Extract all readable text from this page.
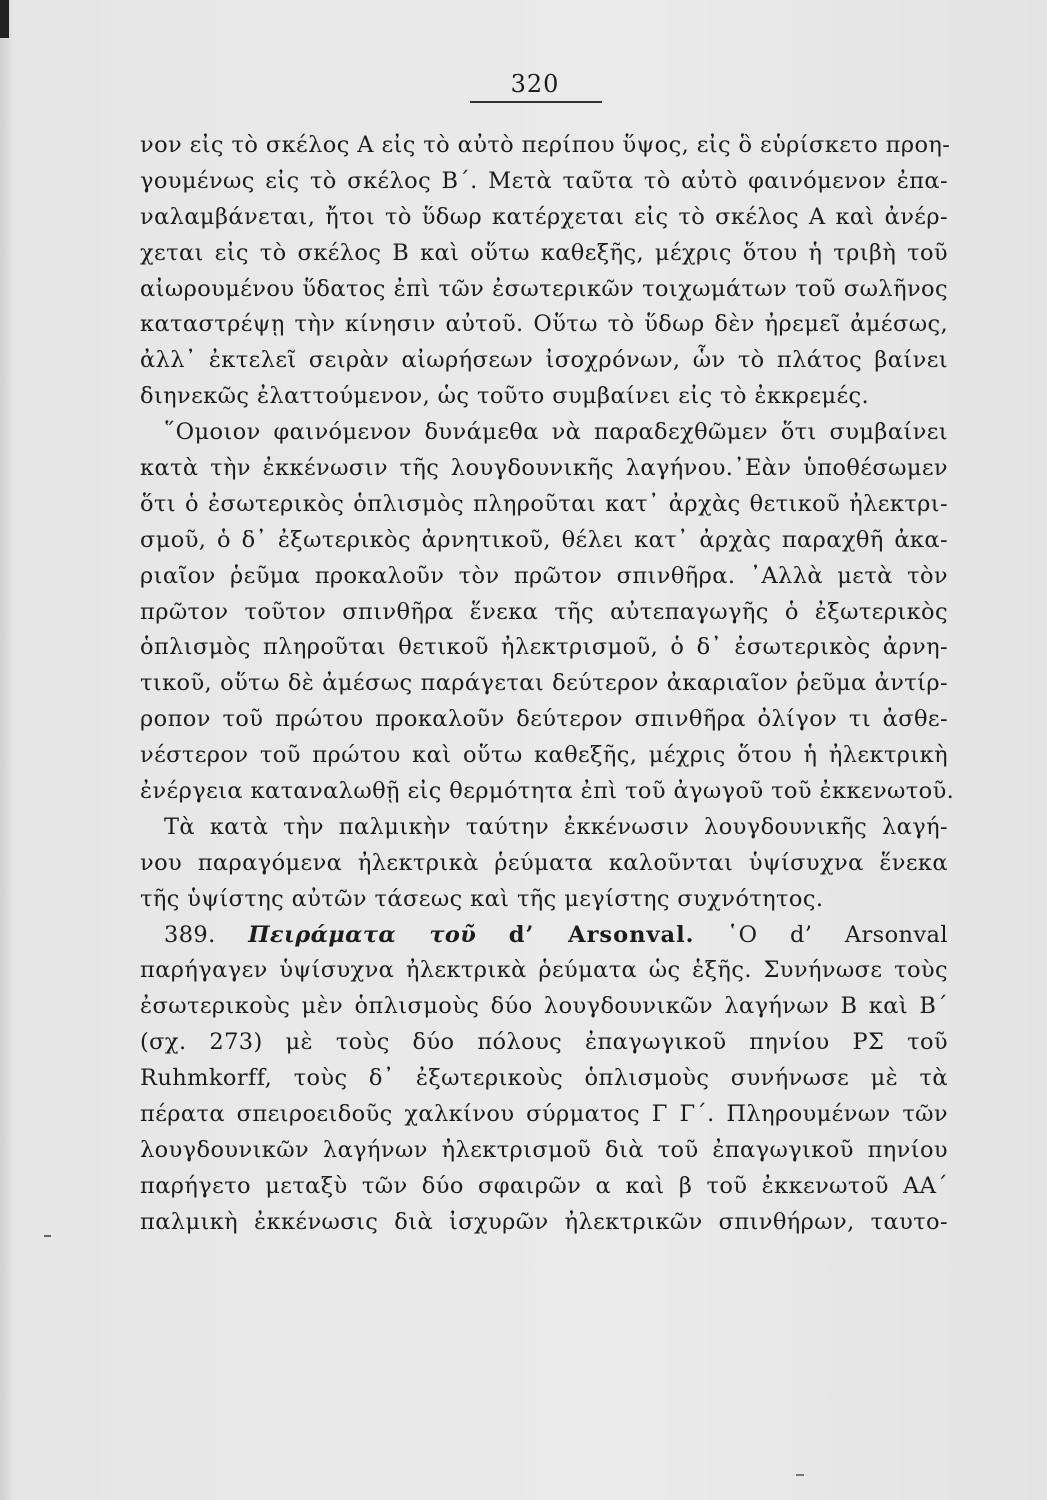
320
νον εἰς τὸ σκέλος Α εἰς τὸ αὐτὸ περίπου ὕψος, εἰς ὃ εὑρίσκετο προη-
γουμένως εἰς τὸ σκέλος Β΄. Μετὰ ταῦτα τὸ αὐτὸ φαινόμενον ἐπα-
ναλαμβάνεται, ἤτοι τὸ ὕδωρ κατέρχεται εἰς τὸ σκέλος Α καὶ ἀνέρ-
χεται εἰς τὸ σκέλος Β καὶ οὕτω καθεξῆς, μέχρις ὅτου ἡ τριβὴ τοῦ
αἰωρουμένου ὕδατος ἐπὶ τῶν ἐσωτερικῶν τοιχωμάτων τοῦ σωλῆνος
καταστρέψῃ τὴν κίνησιν αὐτοῦ. Οὕτω τὸ ὕδωρ δὲν ἠρεμεῖ ἀμέσως,
ἀλλ᾽ ἐκτελεῖ σειρὰν αἰωρήσεων ἰσοχρόνων, ὧν τὸ πλάτος βαίνει
διηνεκῶς ἐλαττούμενον, ὡς τοῦτο συμβαίνει εἰς τὸ ἐκκρεμές.
῞Ομοιον φαινόμενον δυνάμεθα νὰ παραδεχθῶμεν ὅτι συμβαίνει
κατὰ τὴν ἐκκένωσιν τῆς λουγδουνικῆς λαγήνου.᾽Εὰν ὑποθέσωμεν
ὅτι ὁ ἐσωτερικὸς ὁπλισμὸς πληροῦται κατ᾽ ἀρχὰς θετικοῦ ἠλεκτρι-
σμοῦ, ὁ δ᾽ ἐξωτερικὸς ἀρνητικοῦ, θέλει κατ᾽ ἀρχὰς παραχθῆ ἀκα-
ριαῖον ῥεῦμα προκαλοῦν τὸν πρῶτον σπινθῆρα. ᾽Αλλὰ μετὰ τὸν
πρῶτον τοῦτον σπινθῆρα ἕνεκα τῆς αὐτεπαγωγῆς ὁ ἐξωτερικὸς
ὁπλισμὸς πληροῦται θετικοῦ ἠλεκτρισμοῦ, ὁ δ᾽ ἐσωτερικὸς ἀρνη-
τικοῦ, οὕτω δὲ ἀμέσως παράγεται δεύτερον ἀκαριαῖον ῥεῦμα ἀντίρ-
ροπον τοῦ πρώτου προκαλοῦν δεύτερον σπινθῆρα ὀλίγον τι ἀσθε-
νέστερον τοῦ πρώτου καὶ οὕτω καθεξῆς, μέχρις ὅτου ἡ ἠλεκτρικὴ
ἐνέργεια καταναλωθῇ εἰς θερμότητα ἐπὶ τοῦ ἀγωγοῦ τοῦ ἐκκενωτοῦ.
Τὰ κατὰ τὴν παλμικὴν ταύτην ἐκκένωσιν λουγδουνικῆς λαγή-
νου παραγόμενα ἠλεκτρικὰ ῥεύματα καλοῦνται ὑψίσυχνα ἕνεκα
τῆς ὑψίστης αὐτῶν τάσεως καὶ τῆς μεγίστης συχνότητος.
389. Πειράματα τοῦ d’ Arsonval. ῾Ο d’ Arsonval
παρήγαγεν ὑψίσυχνα ἠλεκτρικὰ ῥεύματα ὡς ἑξῆς. Συνήνωσε τοὺς
ἐσωτερικοὺς μὲν ὁπλισμοὺς δύο λουγδουνικῶν λαγήνων Β καὶ Β΄
(σχ. 273) μὲ τοὺς δύο πόλους ἐπαγωγικοῦ πηνίου ΡΣ τοῦ
Ruhmkorff, τοὺς δ᾽ ἐξωτερικοὺς ὁπλισμοὺς συνήνωσε μὲ τὰ
πέρατα σπειροειδοῦς χαλκίνου σύρματος Γ Γ΄. Πληρουμένων τῶν
λουγδουνικῶν λαγήνων ἠλεκτρισμοῦ διὰ τοῦ ἐπαγωγικοῦ πηνίου
παρήγετο μεταξὺ τῶν δύο σφαιρῶν α καὶ β τοῦ ἐκκενωτοῦ ΑΑ΄
παλμικὴ ἐκκένωσις διὰ ἰσχυρῶν ἠλεκτρικῶν σπινθήρων, ταυτο-
